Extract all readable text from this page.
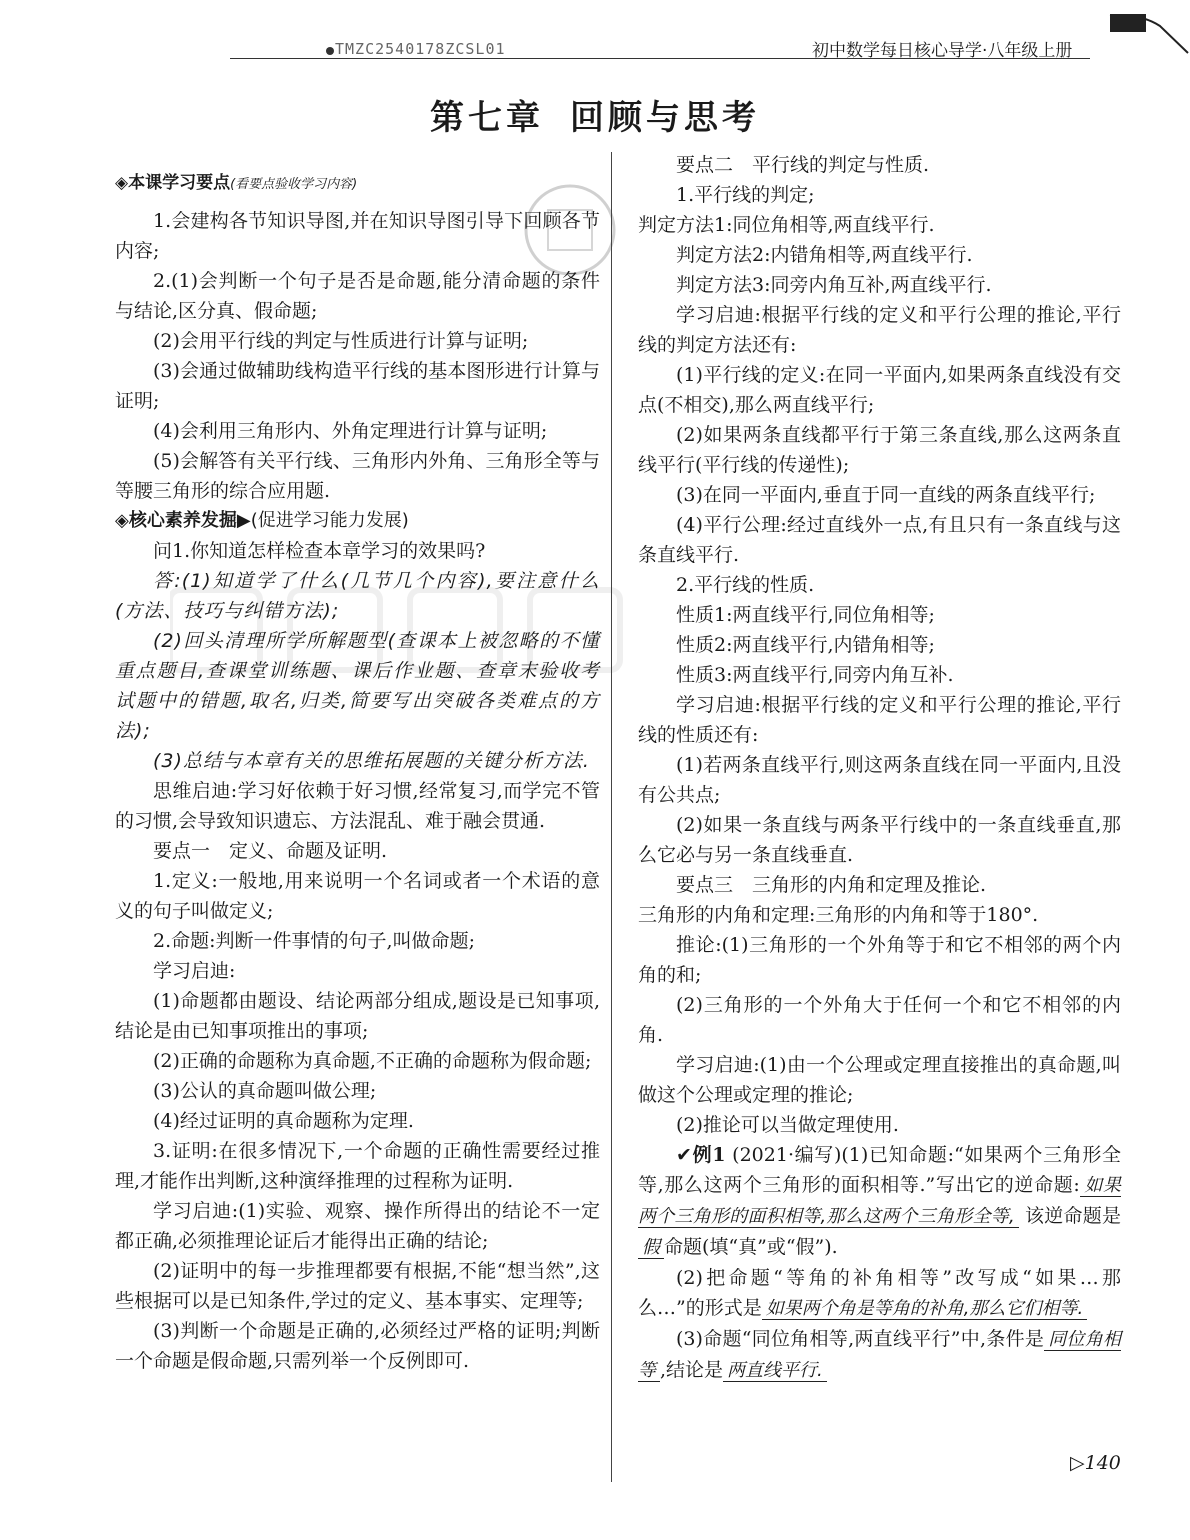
TMZC2540178ZCSL01	初中数学每日核心导学·八年级上册
第七章 回顾与思考

◈本课学习要点(看要点验收学习内容)

1.会建构各节知识导图,并在知识导图引导下回顾各节内容;

2.(1)会判断一个句子是否是命题,能分清命题的条件与结论,区分真、假命题;

(2)会用平行线的判定与性质进行计算与证明;

(3)会通过做辅助线构造平行线的基本图形进行计算与证明;

(4)会利用三角形内、外角定理进行计算与证明;

(5)会解答有关平行线、三角形内外角、三角形全等与等腰三角形的综合应用题.

◈核心素养发掘▶(促进学习能力发展)

问1.你知道怎样检查本章学习的效果吗?

答:(1)知道学了什么(几节几个内容),要注意什么(方法、技巧与纠错方法);

(2)回头清理所学所解题型(查课本上被忽略的不懂重点题目,查课堂训练题、课后作业题、查章末验收考试题中的错题,取名,归类,简要写出突破各类难点的方法);

(3)总结与本章有关的思维拓展题的关键分析方法.

思维启迪:学习好依赖于好习惯,经常复习,而学完不管的习惯,会导致知识遗忘、方法混乱、难于融会贯通.

要点一　定义、命题及证明.

1.定义:一般地,用来说明一个名词或者一个术语的意义的句子叫做定义;

2.命题:判断一件事情的句子,叫做命题;

学习启迪:

(1)命题都由题设、结论两部分组成,题设是已知事项,结论是由已知事项推出的事项;

(2)正确的命题称为真命题,不正确的命题称为假命题;

(3)公认的真命题叫做公理;

(4)经过证明的真命题称为定理.

3.证明:在很多情况下,一个命题的正确性需要经过推理,才能作出判断,这种演绎推理的过程称为证明.

学习启迪:(1)实验、观察、操作所得出的结论不一定都正确,必须推理论证后才能得出正确的结论;

(2)证明中的每一步推理都要有根据,不能“想当然”,这些根据可以是已知条件,学过的定义、基本事实、定理等;

(3)判断一个命题是正确的,必须经过严格的证明;判断一个命题是假命题,只需列举一个反例即可.

要点二　平行线的判定与性质.

1.平行线的判定;

判定方法1:同位角相等,两直线平行.

判定方法2:内错角相等,两直线平行.

判定方法3:同旁内角互补,两直线平行.

学习启迪:根据平行线的定义和平行公理的推论,平行线的判定方法还有:

(1)平行线的定义:在同一平面内,如果两条直线没有交点(不相交),那么两直线平行;

(2)如果两条直线都平行于第三条直线,那么这两条直线平行(平行线的传递性);

(3)在同一平面内,垂直于同一直线的两条直线平行;

(4)平行公理:经过直线外一点,有且只有一条直线与这条直线平行.

2.平行线的性质.

性质1:两直线平行,同位角相等;

性质2:两直线平行,内错角相等;

性质3:两直线平行,同旁内角互补.

学习启迪:根据平行线的定义和平行公理的推论,平行线的性质还有:

(1)若两条直线平行,则这两条直线在同一平面内,且没有公共点;

(2)如果一条直线与两条平行线中的一条直线垂直,那么它必与另一条直线垂直.

要点三　三角形的内角和定理及推论.

三角形的内角和定理:三角形的内角和等于180°.

推论:(1)三角形的一个外角等于和它不相邻的两个内角的和;

(2)三角形的一个外角大于任何一个和它不相邻的内角.

学习启迪:(1)由一个公理或定理直接推出的真命题,叫做这个公理或定理的推论;

(2)推论可以当做定理使用.

✔例1 (2021·编写)(1)已知命题:“如果两个三角形全等,那么这两个三角形的面积相等.”写出它的逆命题: 如果两个三角形的面积相等,那么这两个三角形全等, 该逆命题是假 命题(填“真”或“假”).

(2)把命题“等角的补角相等”改写成“如果…那么…”的形式是 如果两个角是等角的补角,那么它们相等.

(3)命题“同位角相等,两直线平行”中,条件是 同位角相等 ,结论是 两直线平行.

▷140
